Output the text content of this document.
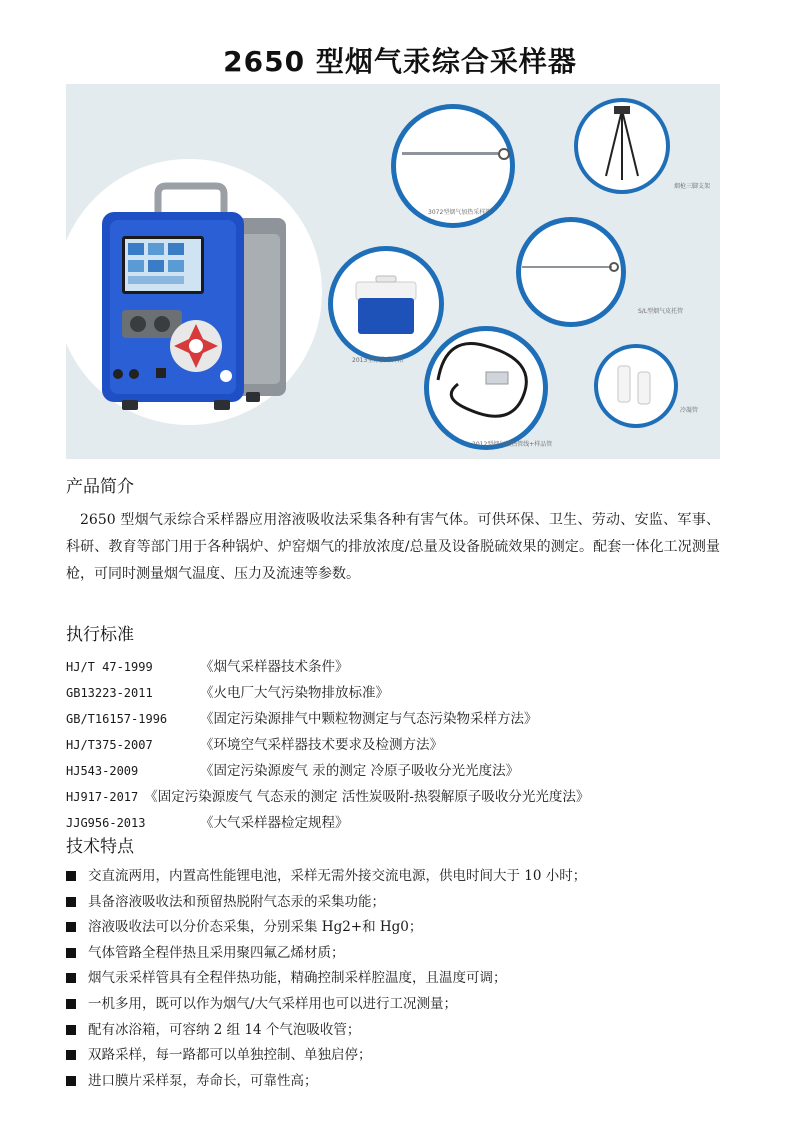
2650 型烟气汞综合采样器
3072型烟气加热采样管
烟枪三脚支架
2013型冰浴采样箱
S/L型烟气皮托管
2012型烟气加热管线+样品管
冷凝管
产品简介
2650 型烟气汞综合采样器应用溶液吸收法采集各种有害气体。可供环保、卫生、劳动、安监、军事、科研、教育等部门用于各种锅炉、炉窑烟气的排放浓度/总量及设备脱硫效果的测定。配套一体化工况测量枪，可同时测量烟气温度、压力及流速等参数。
执行标准
HJ/T 47-1999	《烟气采样器技术条件》
GB13223-2011	《火电厂大气污染物排放标准》
GB/T16157-1996 《固定污染源排气中颗粒物测定与气态污染物采样方法》
HJ/T375-2007	《环境空气采样器技术要求及检测方法》
HJ543-2009	《固定污染源废气 汞的测定 冷原子吸收分光光度法》
HJ917-2017 《固定污染源废气 气态汞的测定 活性炭吸附-热裂解原子吸收分光光度法》
JJG956-2013	《大气采样器检定规程》
技术特点
交直流两用，内置高性能锂电池，采样无需外接交流电源，供电时间大于 10 小时；
具备溶液吸收法和预留热脱附气态汞的采集功能；
溶液吸收法可以分价态采集，分别采集 Hg2+和 Hg0；
气体管路全程伴热且采用聚四氟乙烯材质；
烟气汞采样管具有全程伴热功能，精确控制采样腔温度，且温度可调；
一机多用，既可以作为烟气/大气采样用也可以进行工况测量；
配有冰浴箱，可容纳 2 组 14 个气泡吸收管；
双路采样，每一路都可以单独控制、单独启停；
进口膜片采样泵，寿命长，可靠性高；
